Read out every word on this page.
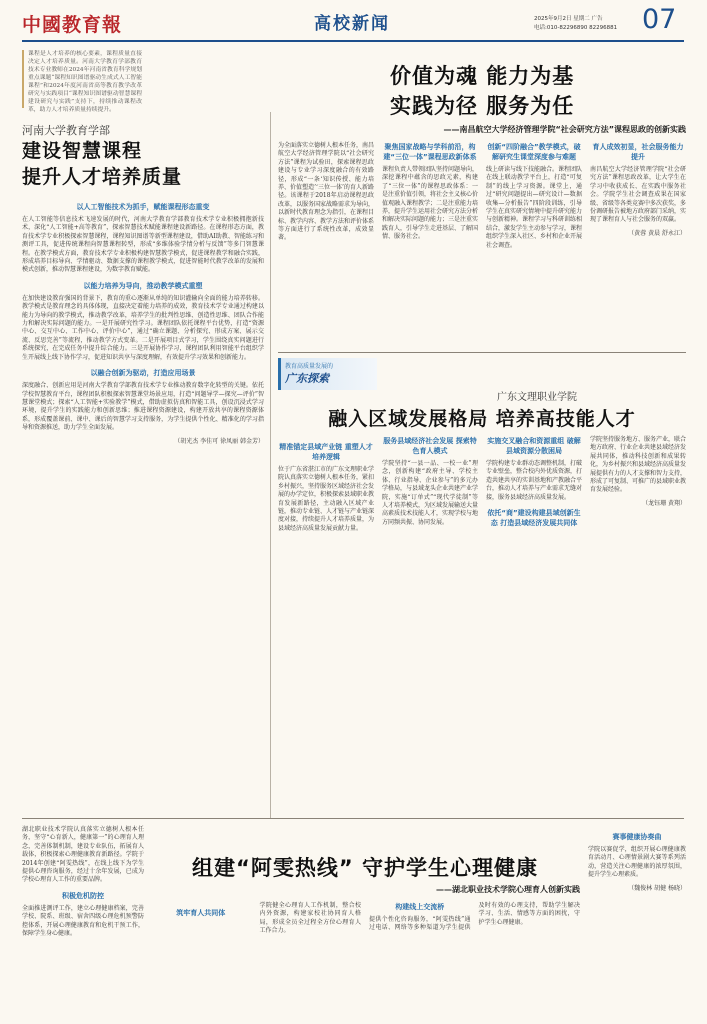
中國教育報	高校新闻	2025年9月2日 星期二 广告
电话:010-82296890 82296881 07
课程是人才培养的核心要素，课程质量直接决定人才培养质量。河南大学教育学部教育技术专业教师在2024年河南省教育科学规划重点课题“课程知识图谱驱动生成式人工智能课程”和2024年度河南省高等教育教学改革研究与实践项目“课程知识图谱驱动智慧课程建设研究与实践”支持下，持续推动课程改革，助力人才培养质量持续提升。
河南大学教育学部
建设智慧课程
提升人才培养质量
以人工智能技术为抓手，赋能课程形态重变
在人工智能等信息技术飞速发展的时代，河南大学教育学部教育技术学专业积极拥抱新技术，深化“人工智能+高等教育”，探索智慧技术赋能课程建设新路径。在课程形态方面，教育技术学专业积极探索智慧课程，课程知识图谱等新型课程建设，借助AI助教、智能练习和测评工具，促进传统课程向智慧课程转型，形成“多维体验学情分析与反馈”等多门智慧课程。在教学模式方面，教育技术学专业积极构建智慧教学模式，促进课程教学和融合实践，形成培养目标导向、学情驱动、数据支撑的课程教学模式，促进智能时代教学改革的发展和模式创新，推动智慧课程建设，为数字教育赋能。
以能力培养为导向，推动教学模式重塑
在加快建设教育强国的背景下，教育的重心逐渐从单纯的知识灌输向全面的能力培养转移。教学模式是教育理念的具体体现，直接决定着能力培养的成效，教育技术学专业通过构建以能力为导向的教学模式，推动教学改革，培养学生的批判性思维、创造性思维、团队合作能力和解决实际问题的能力。一是开展研究性学习。课程团队依托课程平台优势，打造“资源中心、交互中心、工作中心、评价中心”，通过“确立课题、分析探究、形成方案、展示交流、反思完善”等流程，推动教学方式变革。二是开展项目式学习，学生围绕真实问题进行系统探究，在完成任务中提升综合能力。三是开展协作学习，课程团队利用智能平台组织学生开展线上线下协作学习，促进知识共享与深度理解，有效提升学习效果和创新能力。
以融合创新为驱动，打造应用场景
深度融合、创新应用是河南大学教育学部教育技术学专业推动教育数字化转型的关键。依托学校智慧教育平台，课程团队积极探索智慧课堂场景应用，打造“问题导学—探究—评价”智慧课堂模式；探索“人工智能+实验教学”模式，借助虚拟仿真和智能工具，创设沉浸式学习环境，提升学生的实践能力和创新思维；推进课程资源建设，构建开放共享的课程资源体系，形成覆盖课前、课中、课后的智慧学习支持服务，为学生提供个性化、精准化的学习指导和资源推送，助力学生全面发展。
（胡光杰 李佳可 徐凤丽 韩金芳）
价值为魂 能力为基
实践为径 服务为任
——南昌航空大学经济管理学院“社会研究方法”课程思政的创新实践
为全面落实立德树人根本任务，南昌航空大学经济管理学院以“社会研究方法”课程为试验田，探索课程思政建设与专业学习深度融合的有效路径，形成“一条‘知识传授、能力培养、价值塑造’‘三位一体’的育人新路径。该课程于2018年启动课程思政改革，以服务国家战略需求为导向，以新时代教育理念为指引，在课程目标、教学内容、教学方法和评价体系等方面进行了系统性改革，成效显著。
聚焦国家战略与学科前沿，构建“三位一体”课程思政新体系
课程负责人带领团队坚持问题导向，深挖课程中蕴含的思政元素，构建了“三位一体”的课程思政体系：一是注重价值引领，将社会主义核心价值观融入课程教学；二是注重能力培养，提升学生运用社会研究方法分析和解决实际问题的能力；三是注重实践育人，引导学生走进基层、了解国情、服务社会。
创新“四阶融合”教学模式，破解研究生课堂深度参与难题
线上研读与线下技能融合。课程团队在线上联动教学平台上，打造“可复制”的线上学习资源。课堂上，通过“研究问题提出—研究设计—数据收集—分析报告”四阶段训练，引导学生在真实研究情境中提升研究能力与创新精神。课程学习与科研训练相结合，激发学生主动参与学习，课程组织学生深入社区、乡村和企业开展社会调查。
育人成效初显，社会服务能力提升
南昌航空大学经济管理学院“社会研究方法”课程思政改革，让大学生在学习中收获成长、在实践中服务社会。学院学生社会调查成果在国家级、省级等各类竞赛中多次获奖，多份调研报告被地方政府部门采纳，实现了课程育人与社会服务的双赢。
（黄蓉 黄晨 舒永江）
教育高质量发展的
广东探索
广东文理职业学院
融入区域发展格局 培养高技能人才
精准锚定县域产业链 重塑人才培养逻辑
位于广东省湛江市的广东文理职业学院认真落实立德树人根本任务，紧扣乡村振兴，坚持服务区域经济社会发展的办学定位，积极探索县域职业教育发展新路径，主动融入区域产业链，推动专业链、人才链与产业链深度对接，持续提升人才培养质量，为县域经济高质量发展贡献力量。
服务县域经济社会发展 探索特色育人模式
学院坚持“一县一品、一校一业”理念，创新构建“政府主导、学校主体、行业指导、企业参与”的多元办学格局，与县域龙头企业共建产业学院，实施“订单式”“现代学徒制”等人才培养模式，为区域发展输送大量高素质技术技能人才，实现学校与地方同频共振、协同发展。
实施交叉融合和资源重组 破解县域资源分散困局
学院构建专业群动态调整机制，打破专业壁垒，整合校内外优质资源，打造共建共享的实训基地和产教融合平台，推动人才培养与产业需求无缝对接，服务县域经济高质量发展。
依托“商”建设构建县域创新生态 打造县域经济发展共同体
学院坚持服务地方、服务产业，联合地方政府、行业企业共建县域经济发展共同体，推动科技创新和成果转化，为乡村振兴和县域经济高质量发展提供有力的人才支撑和智力支持，形成了可复制、可推广的县域职业教育发展经验。
（龙钰珊 黄翔）
组建“阿雯热线” 守护学生心理健康
——湖北职业技术学院心理育人创新实践
湖北职业技术学院认真落实立德树人根本任务，坚守“心育新人，健康第一”的心理育人理念，完善体制机制，建设专业队伍，拓展育人载体，积极探索心理健康教育新路径。学院于2014年创建“阿雯热线”，在线上线下为学生提供心理咨询服务，经过十余年发展，已成为学校心理育人工作的重要品牌。
积极危机防控
全面推进测评工作，建立心理健康档案，完善学校、院系、班级、宿舍四级心理危机预警防控体系，开展心理健康教育和危机干预工作，保障学生身心健康。
筑牢育人共同体
学院健全心理育人工作机制，整合校内外资源，构建家校社协同育人格局，形成全员全过程全方位心理育人工作合力。
构建线上交流桥
提供个性化咨询服务，“阿雯热线”通过电话、网络等多种渠道为学生提供及时有效的心理支持，帮助学生解决学习、生活、情感等方面的困扰，守护学生心理健康。
赛事健康协奏曲
学院以赛促学，组织开展心理健康教育活动月、心理情景剧大赛等系列活动，营造关注心理健康的浓厚氛围，提升学生心理素质。
（魏俊林 胡健 杨晓）
